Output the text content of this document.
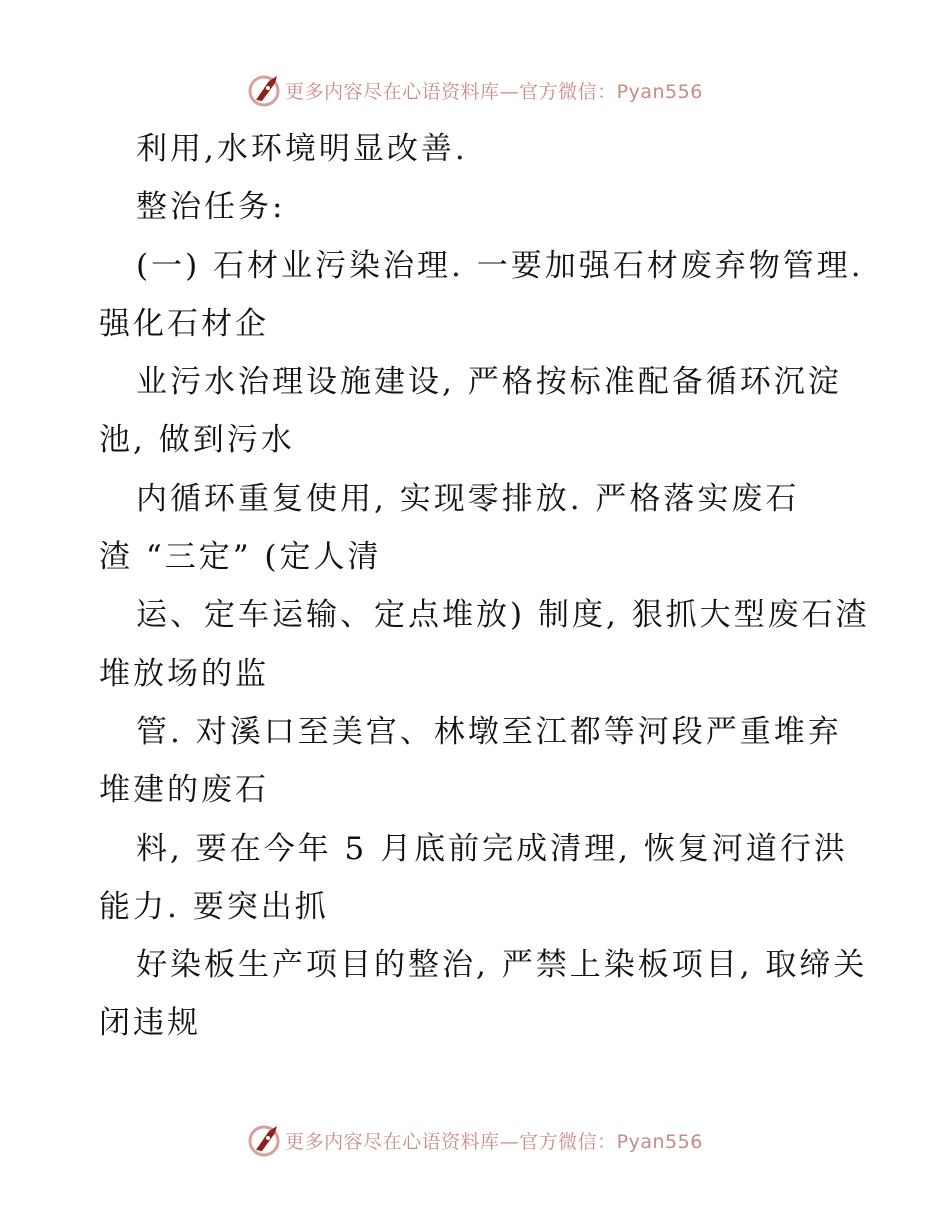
更多内容尽在心语资料库—官方微信：Pyan556
利用,水环境明显改善.
整治任务:
(一) 石材业污染治理. 一要加强石材废弃物管理.
强化石材企
业污水治理设施建设, 严格按标准配备循环沉淀
池, 做到污水
内循环重复使用, 实现零排放. 严格落实废石
渣 “三定” (定人清
运、定车运输、定点堆放) 制度, 狠抓大型废石渣
堆放场的监
管. 对溪口至美宫、林墩至江都等河段严重堆弃
堆建的废石
料, 要在今年 5 月底前完成清理, 恢复河道行洪
能力. 要突出抓
好染板生产项目的整治, 严禁上染板项目, 取缔关
闭违规
更多内容尽在心语资料库—官方微信：Pyan556
